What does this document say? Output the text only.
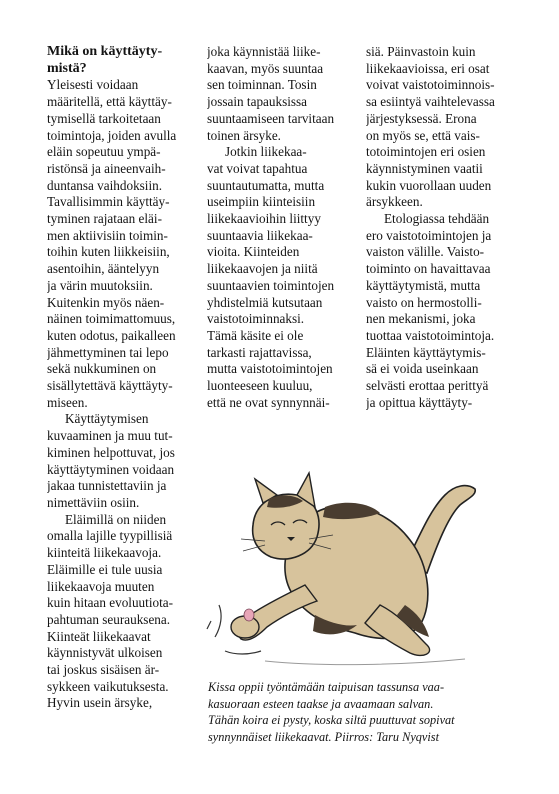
Mikä on käyttäyty-
mistä?
Yleisesti voidaan
määritellä, että käyttäy-
tymisellä tarkoitetaan
toimintoja, joiden avulla
eläin sopeutuu ympä-
ristönsä ja aineenvaih-
duntansa vaihdoksiin.
Tavallisimmin käyttäy-
tyminen rajataan eläi-
men aktiivisiin toimin-
toihin kuten liikkeisiin,
asentoihin, ääntelyyn
ja värin muutoksiin.
Kuitenkin myös näen-
näinen toimimattomuus,
kuten odotus, paikalleen
jähmettyminen tai lepo
sekä nukkuminen on
sisällytettävä käyttäyty-
miseen.
Käyttäytymisen
kuvaaminen ja muu tut-
kiminen helpottuvat, jos
käyttäytyminen voidaan
jakaa tunnistettaviin ja
nimettäviin osiin.
Eläimillä on niiden
omalla lajille tyypillisiä
kiinteitä liikekaavoja.
Eläimille ei tule uusia
liikekaavoja muuten
kuin hitaan evoluutiota-
pahtuman seurauksena.
Kiinteät liikekaavat
käynnistyvät ulkoisen
tai joskus sisäisen är-
sykkeen vaikutuksesta.
Hyvin usein ärsyke,
joka käynnistää liike-
kaavan, myös suuntaa
sen toiminnan. Tosin
jossain tapauksissa
suuntaamiseen tarvitaan
toinen ärsyke.
Jotkin liikekaa-
vat voivat tapahtua
suuntautumatta, mutta
useimpiin kiinteisiin
liikekaavioihin liittyy
suuntaavia liikekaa-
vioita. Kiinteiden
liikekaavojen ja niitä
suuntaavien toimintojen
yhdistelmiä kutsutaan
vaistotoiminnaksi.
Tämä käsite ei ole
tarkasti rajattavissa,
mutta vaistotoimintojen
luonteeseen kuuluu,
että ne ovat synnynnäi-
siä. Päinvastoin kuin
liikekaavioissa, eri osat
voivat vaistotoiminnois-
sa esiintyä vaihtelevassa
järjestyksessä. Erona
on myös se, että vais-
totoimintojen eri osien
käynnistyminen vaatii
kukin vuorollaan uuden
ärsykkeen.
Etologiassa tehdään
ero vaistotoimintojen ja
vaiston välille. Vaisto-
toiminto on havaittavaa
käyttäytymistä, mutta
vaisto on hermostolli-
nen mekanismi, joka
tuottaa vaistotoimintoja.
Eläinten käyttäytymis-
sä ei voida useinkaan
selvästi erottaa perittyä
ja opittua käyttäyty-
Kissa oppii työntämään taipuisan tassunsa vaa-
kasuoraan esteen taakse ja avaamaan salvan.
Tähän koira ei pysty, koska siltä puuttuvat sopivat
synnynnäiset liikekaavat. Piirros: Taru Nyqvist
